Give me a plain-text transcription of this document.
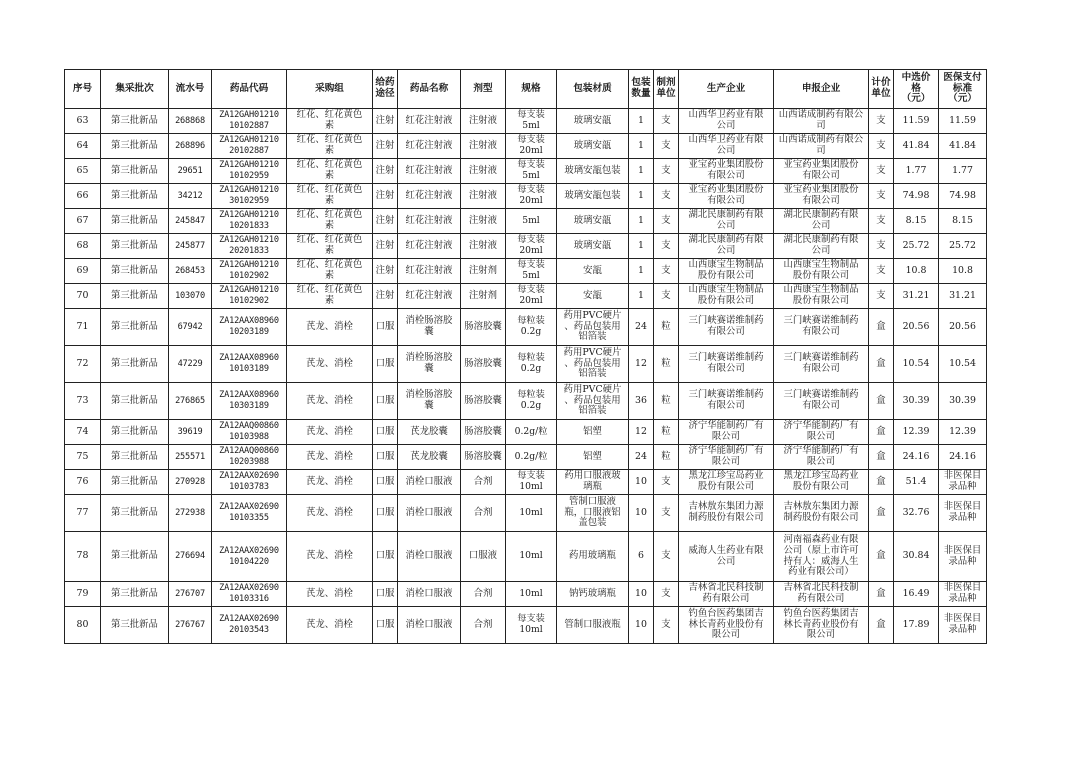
序号	集采批次	流水号	药品代码	采购组	给药
途径	药品名称	剂型	规格	包装材质	包装
数量	制剂
单位	生产企业	申报企业	计价
单位	中选价
格
（元）	医保支付
标准
（元）
63	第三批新品	268868	ZA12GAH01210
10102887	红花、红花黄色
素	注射	红花注射液	注射液	每支装
5ml	玻璃安瓿	1	支	山西华卫药业有限
公司	山西诺成制药有限公司	支	11.59	11.59
64	第三批新品	268896	ZA12GAH01210
20102887	红花、红花黄色
素	注射	红花注射液	注射液	每支装
20ml	玻璃安瓿	1	支	山西华卫药业有限
公司	山西诺成制药有限公司	支	41.84	41.84
65	第三批新品	29651	ZA12GAH01210
10102959	红花、红花黄色
素	注射	红花注射液	注射液	每支装
5ml	玻璃安瓿包装	1	支	亚宝药业集团股份
有限公司	亚宝药业集团股份
有限公司	支	1.77	1.77
66	第三批新品	34212	ZA12GAH01210
30102959	红花、红花黄色
素	注射	红花注射液	注射液	每支装
20ml	玻璃安瓿包装	1	支	亚宝药业集团股份
有限公司	亚宝药业集团股份
有限公司	支	74.98	74.98
67	第三批新品	245847	ZA12GAH01210
10201833	红花、红花黄色
素	注射	红花注射液	注射液	5ml	玻璃安瓿	1	支	湖北民康制药有限
公司	湖北民康制药有限
公司	支	8.15	8.15
68	第三批新品	245877	ZA12GAH01210
20201833	红花、红花黄色
素	注射	红花注射液	注射液	每支装
20ml	玻璃安瓿	1	支	湖北民康制药有限
公司	湖北民康制药有限
公司	支	25.72	25.72
69	第三批新品	268453	ZA12GAH01210
10102902	红花、红花黄色
素	注射	红花注射液	注射剂	每支装
5ml	安瓿	1	支	山西康宝生物制品
股份有限公司	山西康宝生物制品
股份有限公司	支	10.8	10.8
70	第三批新品	103070	ZA12GAH01210
10102902	红花、红花黄色
素	注射	红花注射液	注射剂	每支装
20ml	安瓿	1	支	山西康宝生物制品
股份有限公司	山西康宝生物制品
股份有限公司	支	31.21	31.21
71	第三批新品	67942	ZA12AAX08960
10203189	芪龙、消栓	口服	消栓肠溶胶
囊	肠溶胶囊	每粒装
0.2g	药用PVC硬片
、药品包装用
铝箔装	24	粒	三门峡赛诺维制药
有限公司	三门峡赛诺维制药
有限公司	盒	20.56	20.56
72	第三批新品	47229	ZA12AAX08960
10103189	芪龙、消栓	口服	消栓肠溶胶
囊	肠溶胶囊	每粒装
0.2g	药用PVC硬片
、药品包装用
铝箔装	12	粒	三门峡赛诺维制药
有限公司	三门峡赛诺维制药
有限公司	盒	10.54	10.54
73	第三批新品	276865	ZA12AAX08960
10303189	芪龙、消栓	口服	消栓肠溶胶
囊	肠溶胶囊	每粒装
0.2g	药用PVC硬片
、药品包装用
铝箔装	36	粒	三门峡赛诺维制药
有限公司	三门峡赛诺维制药
有限公司	盒	30.39	30.39
74	第三批新品	39619	ZA12AAQ00860
10103988	芪龙、消栓	口服	芪龙胶囊	肠溶胶囊	0.2g/粒	铝塑	12	粒	济宁华能制药厂有
限公司	济宁华能制药厂有
限公司	盒	12.39	12.39
75	第三批新品	255571	ZA12AAQ00860
10203988	芪龙、消栓	口服	芪龙胶囊	肠溶胶囊	0.2g/粒	铝塑	24	粒	济宁华能制药厂有
限公司	济宁华能制药厂有
限公司	盒	24.16	24.16
76	第三批新品	270928	ZA12AAX02690
10103783	芪龙、消栓	口服	消栓口服液	合剂	每支装
10ml	药用口服液玻
璃瓶	10	支	黑龙江珍宝岛药业
股份有限公司	黑龙江珍宝岛药业
股份有限公司	盒	51.4	非医保目
录品种
77	第三批新品	272938	ZA12AAX02690
10103355	芪龙、消栓	口服	消栓口服液	合剂	10ml	管制口服液
瓶，口服液铝
盖包装	10	支	吉林敖东集团力源
制药股份有限公司	吉林敖东集团力源
制药股份有限公司	盒	32.76	非医保目
录品种
78	第三批新品	276694	ZA12AAX02690
10104220	芪龙、消栓	口服	消栓口服液	口服液	10ml	药用玻璃瓶	6	支	威海人生药业有限
公司	河南福森药业有限
公司（原上市许可
持有人：威海人生
药业有限公司）	盒	30.84	非医保目
录品种
79	第三批新品	276707	ZA12AAX02690
10103316	芪龙、消栓	口服	消栓口服液	合剂	10ml	钠钙玻璃瓶	10	支	吉林省北民科技制
药有限公司	吉林省北民科技制
药有限公司	盒	16.49	非医保目
录品种
80	第三批新品	276767	ZA12AAX02690
20103543	芪龙、消栓	口服	消栓口服液	合剂	每支装
10ml	管制口服液瓶	10	支	钓鱼台医药集团吉
林长青药业股份有
限公司	钓鱼台医药集团吉
林长青药业股份有
限公司	盒	17.89	非医保目
录品种
